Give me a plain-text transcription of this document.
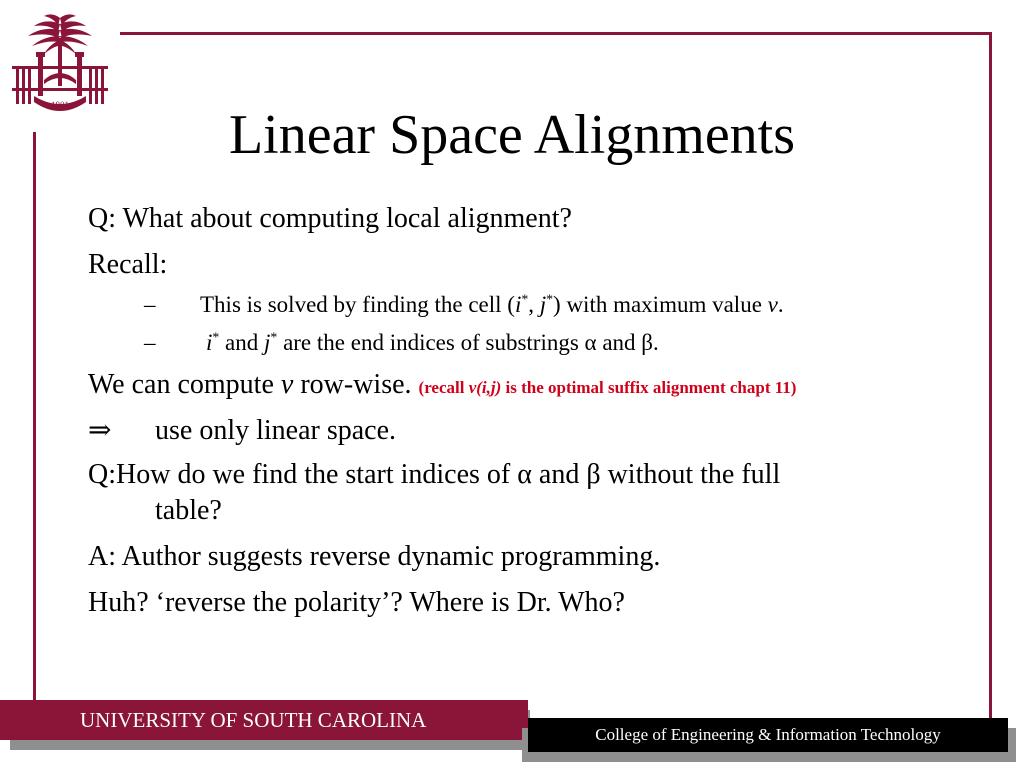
1801	Linear Space Alignments
Q: What about computing local alignment?
Recall:
– This is solved by finding the cell (i*, j*) with maximum value v.
– i* and j* are the end indices of substrings α and β.
We can compute v row-wise. (recall v(i,j) is the optimal suffix alignment chapt 11)
⇒ use only linear space.
Q:How do we find the start indices of α and β without the full
table?
A: Author suggests reverse dynamic programming.
Huh? ‘reverse the polarity’? Where is Dr. Who?
UNIVERSITY OF SOUTH CAROLINA
College of Engineering & Information Technology
